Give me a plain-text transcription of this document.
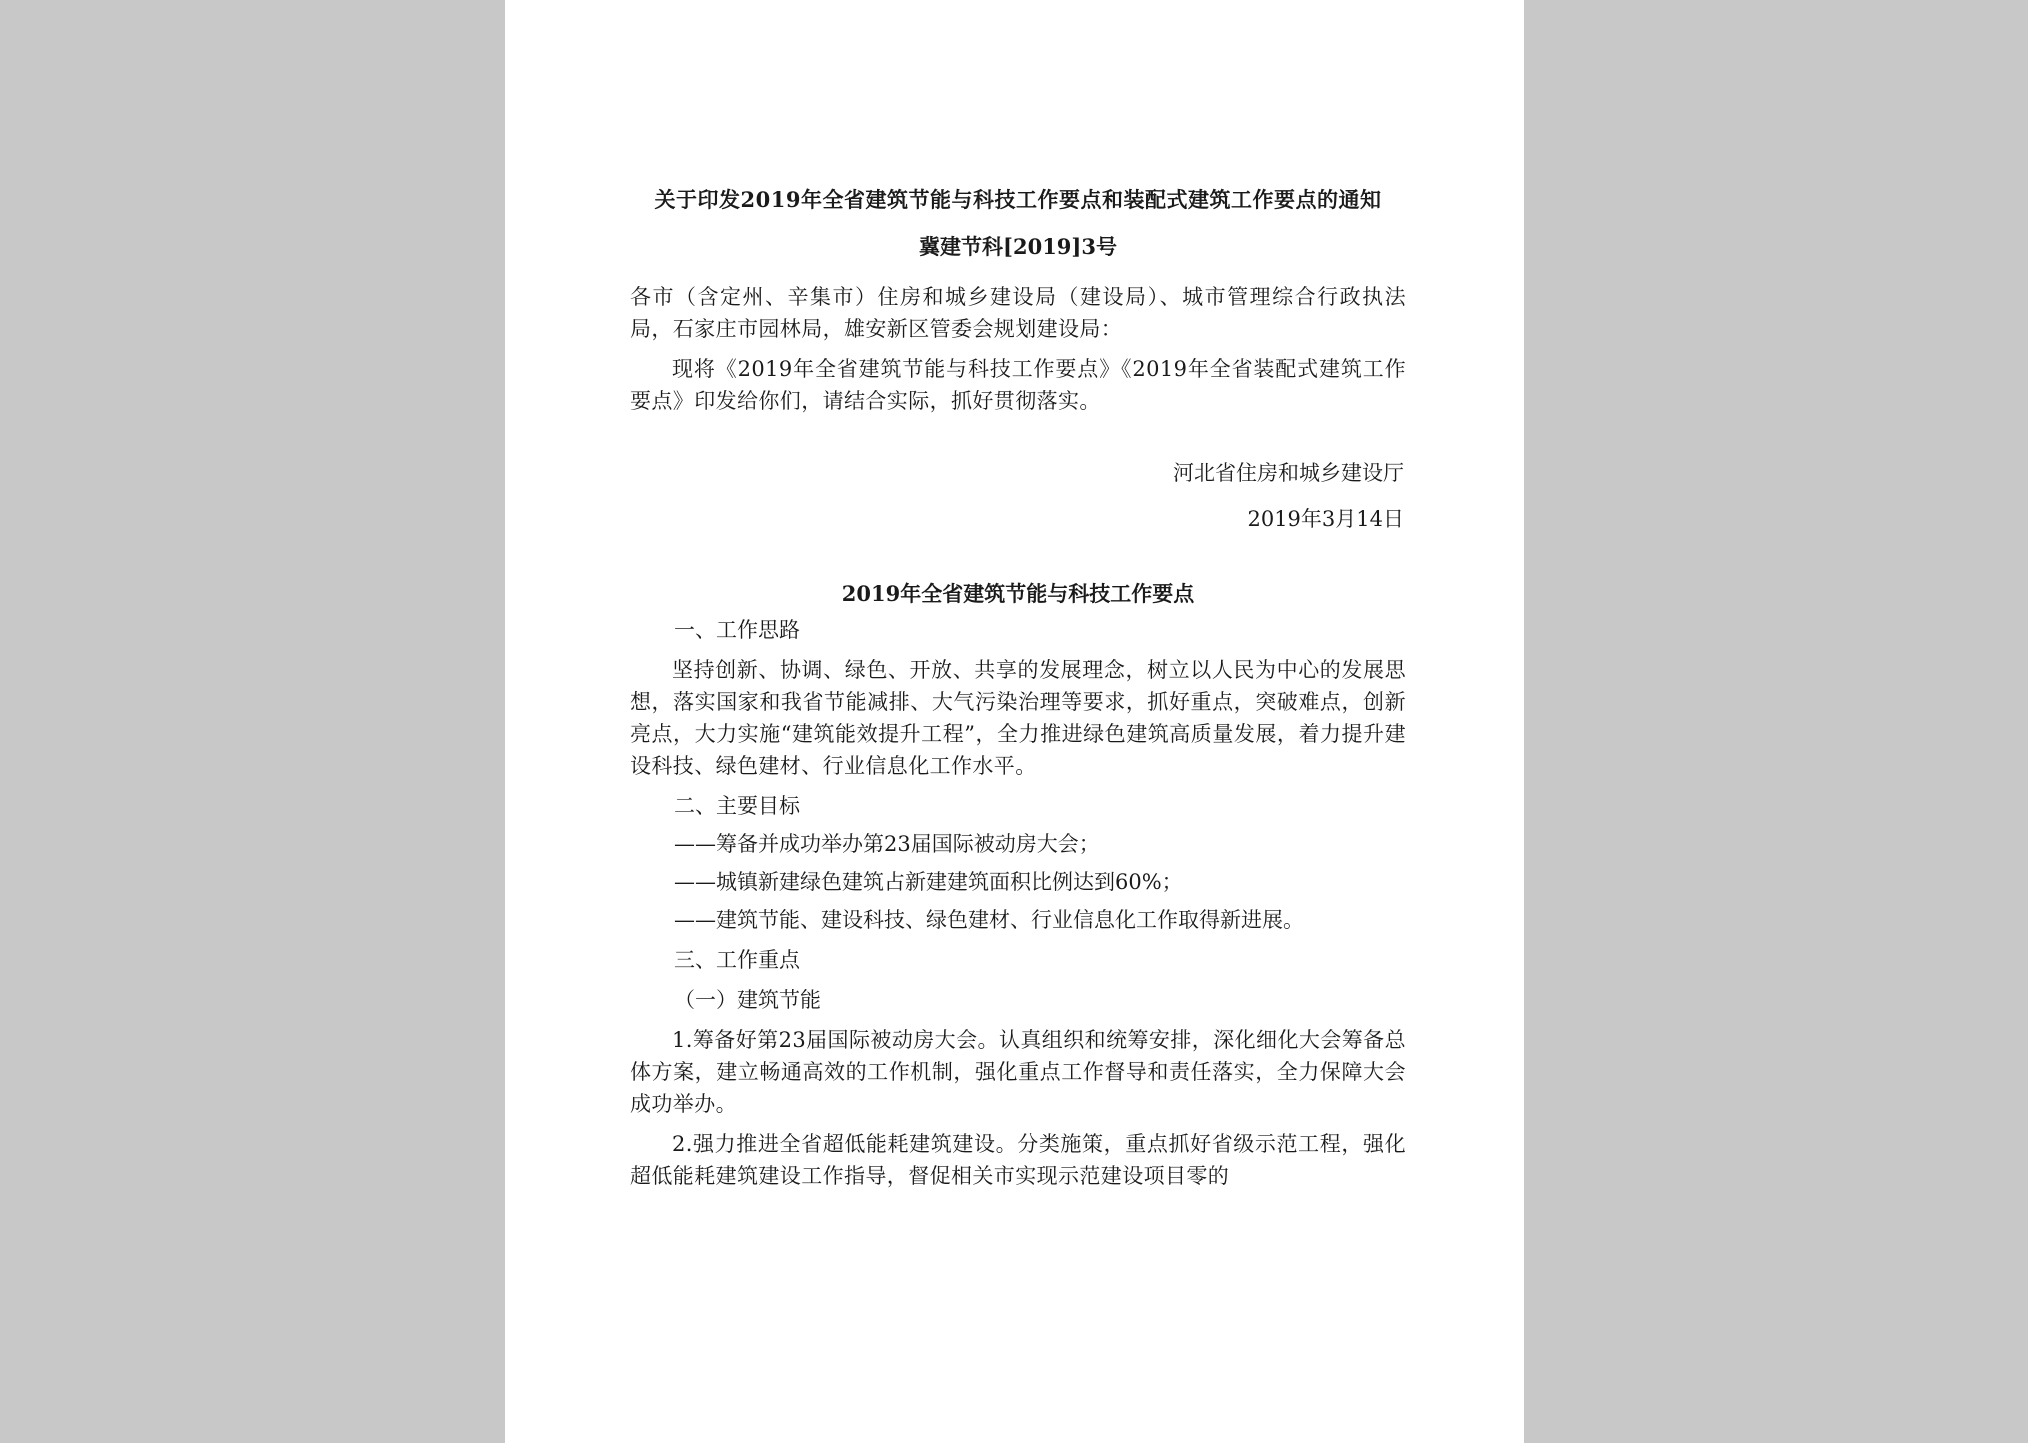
关于印发2019年全省建筑节能与科技工作要点和装配式建筑工作要点的通知

冀建节科[2019]3号

各市（含定州、辛集市）住房和城乡建设局（建设局）、城市管理综合行政执法局，石家庄市园林局，雄安新区管委会规划建设局：

现将《2019年全省建筑节能与科技工作要点》《2019年全省装配式建筑工作要点》印发给你们，请结合实际，抓好贯彻落实。

河北省住房和城乡建设厅

2019年3月14日

2019年全省建筑节能与科技工作要点

一、工作思路

坚持创新、协调、绿色、开放、共享的发展理念，树立以人民为中心的发展思想，落实国家和我省节能减排、大气污染治理等要求，抓好重点，突破难点，创新亮点，大力实施“建筑能效提升工程”，全力推进绿色建筑高质量发展，着力提升建设科技、绿色建材、行业信息化工作水平。

二、主要目标

——筹备并成功举办第23届国际被动房大会；

——城镇新建绿色建筑占新建建筑面积比例达到60%；

——建筑节能、建设科技、绿色建材、行业信息化工作取得新进展。

三、工作重点

（一）建筑节能

1.筹备好第23届国际被动房大会。认真组织和统筹安排，深化细化大会筹备总体方案，建立畅通高效的工作机制，强化重点工作督导和责任落实，全力保障大会成功举办。

2.强力推进全省超低能耗建筑建设。分类施策，重点抓好省级示范工程，强化超低能耗建筑建设工作指导，督促相关市实现示范建设项目零的
